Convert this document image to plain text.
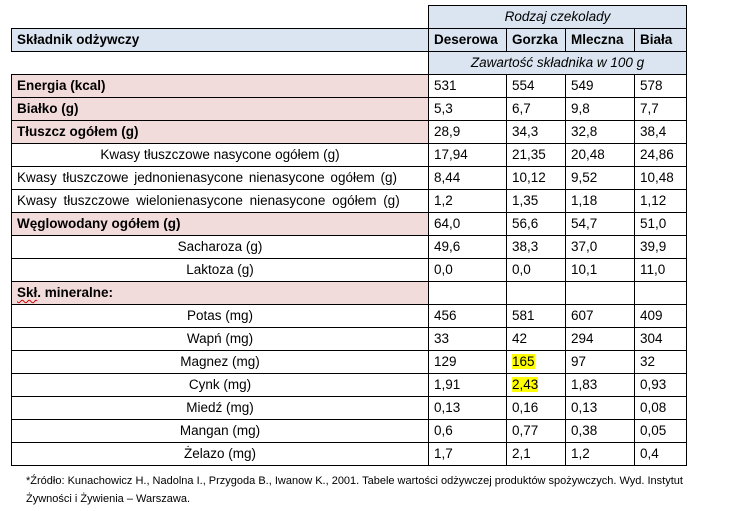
	Rodzaj czekolady			
Składnik odżywczy	Deserowa	Gorzka	Mleczna	Biała
	Zawartość składnika w 100 g			
Energia (kcal)	531	554	549	578
Białko (g)	5,3	6,7	9,8	7,7
Tłuszcz ogółem (g)	28,9	34,3	32,8	38,4
Kwasy tłuszczowe nasycone ogółem (g)	17,94	21,35	20,48	24,86
Kwasy tłuszczowe jednonienasycone nienasycone ogółem (g)	8,44	10,12	9,52	10,48
Kwasy tłuszczowe wielonienasycone nienasycone ogółem (g)	1,2	1,35	1,18	1,12
Węglowodany ogółem (g)	64,0	56,6	54,7	51,0
Sacharoza (g)	49,6	38,3	37,0	39,9
Laktoza (g)	0,0	0,0	10,1	11,0
Skł. mineralne:				
Potas (mg)	456	581	607	409
Wapń (mg)	33	42	294	304
Magnez (mg)	129	165	97	32
Cynk (mg)	1,91	2,43	1,83	0,93
Miedź (mg)	0,13	0,16	0,13	0,08
Mangan (mg)	0,6	0,77	0,38	0,05
Żelazo (mg)	1,7	2,1	1,2	0,4
*Źródło: Kunachowicz H., Nadolna I., Przygoda B., Iwanow K., 2001. Tabele wartości odżywczej produktów spożywczych. Wyd. Instytut
Żywności i Żywienia – Warszawa.
